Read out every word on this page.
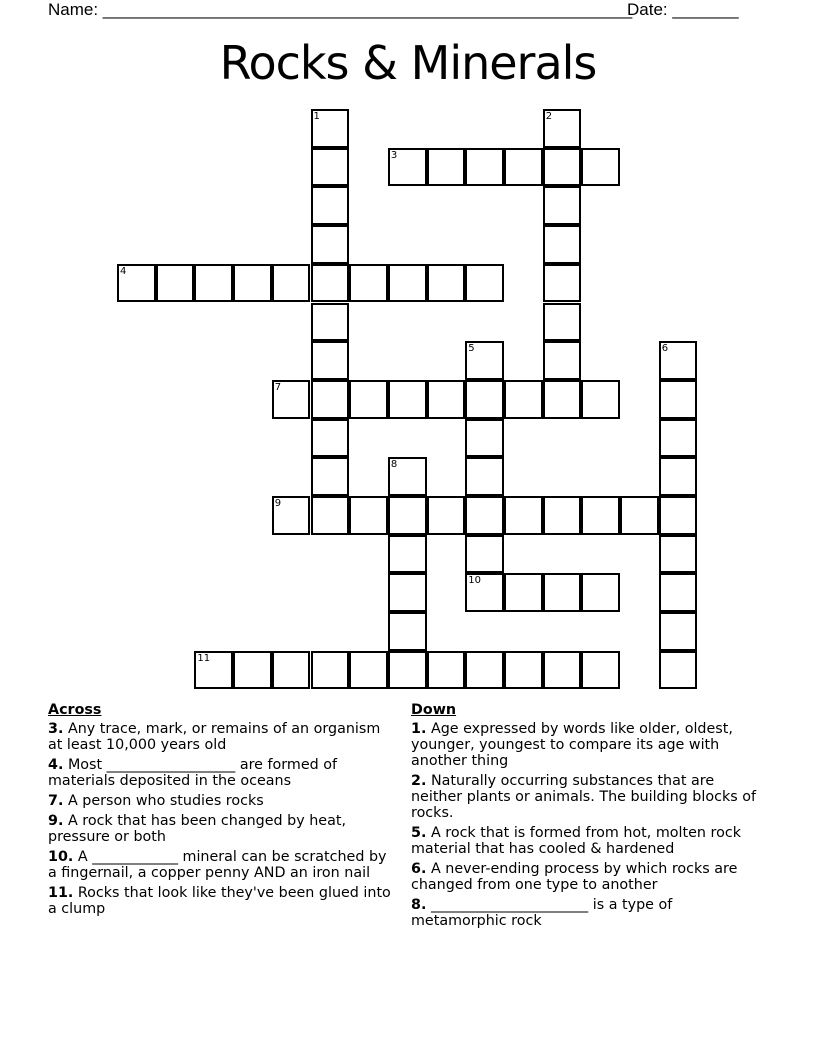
Name: ________________________________________________________
Date: _______
Rocks & Minerals
1	2
3
4
5
10
6
7
8
9
11
Across
3. Any trace, mark, or remains of an organism at least 10,000 years old
4. Most __________________ are formed of materials deposited in the oceans
7. A person who studies rocks
9. A rock that has been changed by heat, pressure or both
10. A ____________ mineral can be scratched by a fingernail, a copper penny AND an iron nail
11. Rocks that look like they've been glued into a clump
Down
1. Age expressed by words like older, oldest, younger, youngest to compare its age with another thing
2. Naturally occurring substances that are neither plants or animals. The building blocks of rocks.
5. A rock that is formed from hot, molten rock material that has cooled & hardened
6. A never-ending process by which rocks are changed from one type to another
8. ______________________ is a type of metamorphic rock
